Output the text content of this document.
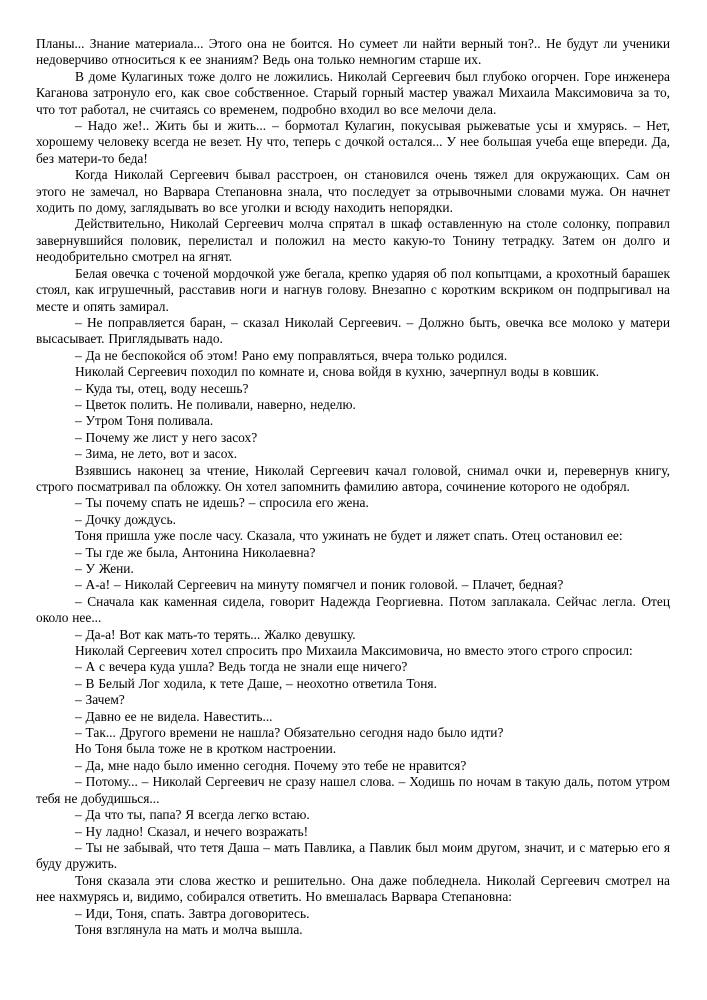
Планы... Знание материала... Этого она не боится. Но сумеет ли найти верный тон?.. Не будут ли ученики недоверчиво относиться к ее знаниям? Ведь она только немногим старше их.

В доме Кулагиных тоже долго не ложились. Николай Сергеевич был глубоко огорчен. Горе инженера Каганова затронуло его, как свое собственное. Старый горный мастер уважал Михаила Максимовича за то, что тот работал, не считаясь со временем, подробно входил во все мелочи дела.

– Надо же!.. Жить бы и жить... – бормотал Кулагин, покусывая рыжеватые усы и хмурясь. – Нет, хорошему человеку всегда не везет. Ну что, теперь с дочкой остался... У нее большая учеба еще впереди. Да, без матери-то беда!

Когда Николай Сергеевич бывал расстроен, он становился очень тяжел для окружающих. Сам он этого не замечал, но Варвара Степановна знала, что последует за отрывочными словами мужа. Он начнет ходить по дому, заглядывать во все уголки и всюду находить непорядки.

Действительно, Николай Сергеевич молча спрятал в шкаф оставленную на столе солонку, поправил завернувшийся половик, перелистал и положил на место какую-то Тонину тетрадку. Затем он долго и неодобрительно смотрел на ягнят.

Белая овечка с точеной мордочкой уже бегала, крепко ударяя об пол копытцами, а крохотный барашек стоял, как игрушечный, расставив ноги и нагнув голову. Внезапно с коротким вскриком он подпрыгивал на месте и опять замирал.

– Не поправляется баран, – сказал Николай Сергеевич. – Должно быть, овечка все молоко у матери высасывает. Приглядывать надо.

– Да не беспокойся об этом! Рано ему поправляться, вчера только родился.

Николай Сергеевич походил по комнате и, снова войдя в кухню, зачерпнул воды в ковшик.

– Куда ты, отец, воду несешь?

– Цветок полить. Не поливали, наверно, неделю.

– Утром Тоня поливала.

– Почему же лист у него засох?

– Зима, не лето, вот и засох.

Взявшись наконец за чтение, Николай Сергеевич качал головой, снимал очки и, перевернув книгу, строго посматривал па обложку. Он хотел запомнить фамилию автора, сочинение которого не одобрял.

– Ты почему спать не идешь? – спросила его жена.

– Дочку дождусь.

Тоня пришла уже после часу. Сказала, что ужинать не будет и ляжет спать. Отец остановил ее:

– Ты где же была, Антонина Николаевна?

– У Жени.

– А-а! – Николай Сергеевич на минуту помягчел и поник головой. – Плачет, бедная?

– Сначала как каменная сидела, говорит Надежда Георгиевна. Потом заплакала. Сейчас легла. Отец около нее...

– Да-а! Вот как мать-то терять... Жалко девушку.

Николай Сергеевич хотел спросить про Михаила Максимовича, но вместо этого строго спросил:

– А с вечера куда ушла? Ведь тогда не знали еще ничего?

– В Белый Лог ходила, к тете Даше, – неохотно ответила Тоня.

– Зачем?

– Давно ее не видела. Навестить...

– Так... Другого времени не нашла? Обязательно сегодня надо было идти?

Но Тоня была тоже не в кротком настроении.

– Да, мне надо было именно сегодня. Почему это тебе не нравится?

– Потому... – Николай Сергеевич не сразу нашел слова. – Ходишь по ночам в такую даль, потом утром тебя не добудишься...

– Да что ты, папа? Я всегда легко встаю.

– Ну ладно! Сказал, и нечего возражать!

– Ты не забывай, что тетя Даша – мать Павлика, а Павлик был моим другом, значит, и с матерью его я буду дружить.

Тоня сказала эти слова жестко и решительно. Она даже побледнела. Николай Сергеевич смотрел на нее нахмурясь и, видимо, собирался ответить. Но вмешалась Варвара Степановна:

– Иди, Тоня, спать. Завтра договоритесь.

Тоня взглянула на мать и молча вышла.
